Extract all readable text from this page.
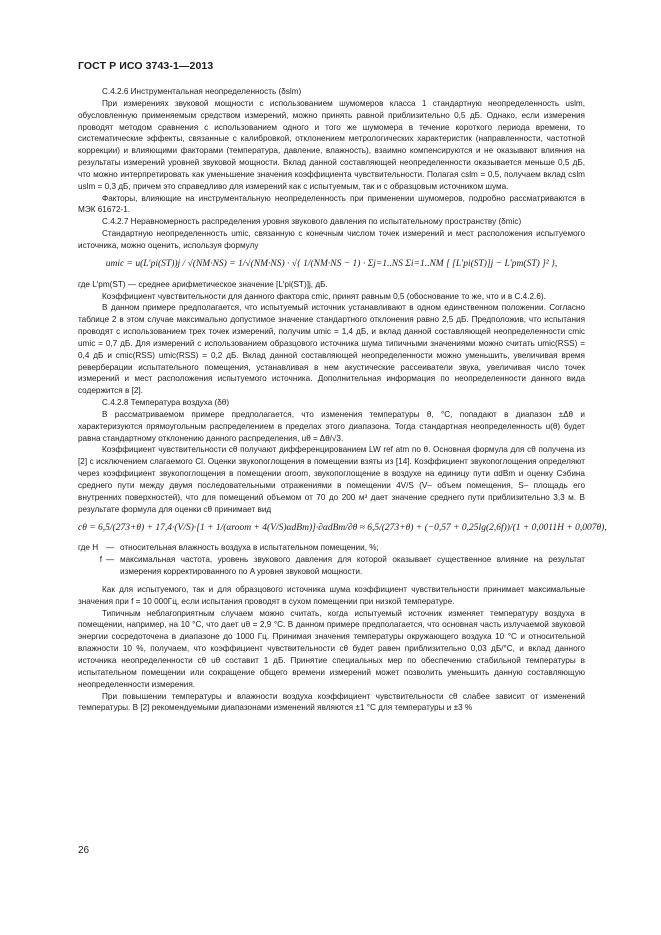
ГОСТ Р ИСО 3743-1—2013

C.4.2.6 Инструментальная неопределенность (δslm)

При измерениях звуковой мощности с использованием шумомеров класса 1 стандартную неопределенность uslm, обусловленную применяемым средством измерений, можно принять равной приблизительно 0,5 дБ. Однако, если измерения проводят методом сравнения с использованием одного и того же шумомера в течение короткого периода времени, то систематические эффекты, связанные с калибровкой, отклонением метрологических характеристик (направленности, частотной коррекции) и влияющими факторами (температура, давление, влажность), взаимно компенсируются и не оказывают влияния на результаты измерений уровней звуковой мощности. Вклад данной составляющей неопределенности оказывается меньше 0,5 дБ, что можно интерпретировать как уменьшение значения коэффициента чувствительности. Полагая cslm = 0,5, получаем вклад cslm uslm = 0,3 дБ, причем это справедливо для измерений как с испытуемым, так и с образцовым источником шума.

Факторы, влияющие на инструментальную неопределенность при применении шумомеров, подробно рассматриваются в МЭК 61672-1.

C.4.2.7 Неравномерность распределения уровня звукового давления по испытательному пространству (δmic)

Стандартную неопределенность umic, связанную с конечным числом точек измерений и мест расположения испытуемого источника, можно оценить, используя формулу

umic = u(L′pi(ST))j / √(NM·NS) = 1/√(NM·NS) · √{ 1/(NM·NS − 1) · Σj=1..NS Σi=1..NM [ [L′pi(ST)]j − L′pm(ST) ]² },

где L′pm(ST) — среднее арифметическое значение [L′pi(ST)]j, дБ.

Коэффициент чувствительности для данного фактора cmic, принят равным 0,5 (обоснование то же, что и в C.4.2.6).

В данном примере предполагается, что испытуемый источник устанавливают в одном единственном положении. Согласно таблице 2 в этом случае максимально допустимое значение стандартного отклонения равно 2,5 дБ. Предположив, что испытания проводят с использованием трех точек измерений, получим umic = 1,4 дБ, и вклад данной составляющей неопределенности cmic umic = 0,7 дБ. Для измерений с использованием образцового источника шума типичными значениями можно считать umic(RSS) = 0,4 дБ и cmic(RSS) umic(RSS) = 0,2 дБ. Вклад данной составляющей неопределенности можно уменьшить, увеличивая время реверберации испытательного помещения, устанавливая в нем акустические рассеиватели звука, увеличивая число точек измерений и мест расположения испытуемого источника. Дополнительная информация по неопределенности данного вида содержится в [2].

C.4.2.8 Температура воздуха (δθ)

В рассматриваемом примере предполагается, что изменения температуры θ, °C, попадают в диапазон ±Δθ и характеризуются прямоугольным распределением в пределах этого диапазона. Тогда стандартная неопределенность u(θ) будет равна стандартному отклонению данного распределения, uθ = Δθ/√3.

Коэффициент чувствительности cθ получают дифференцированием LW ref atm по θ. Основная формула для cθ получена из [2] с исключением слагаемого Cl. Оценки звукопоглощения в помещении взяты из [14]. Коэффициент звукопоглощения определяют через коэффициент звукопоглощения в помещении αroom, звукопоглощение в воздухе на единицу пути αdBm и оценку Сэбина среднего пути между двумя последовательными отражениями в помещении 4V/S (V– объем помещения, S– площадь его внутренних поверхностей), что для помещений объемом от 70 до 200 м³ дает значение среднего пути приблизительно 3,3 м. В результате формула для оценки cθ принимает вид

cθ = 6,5/(273+θ) + 17,4·(V/S)·[1 + 1/(αroom + 4(V/S)αdBm)]·∂αdBm/∂θ ≈ 6,5/(273+θ) + (−0,57 + 0,25lg(2,6f))/(1 + 0,0011H + 0,007θ),
где H — относительная влажность воздуха в испытательном помещении, %;
f — максимальная частота, уровень звукового давления для которой оказывает существенное влияние на результат измерения корректированного по A уровня звуковой мощности.

Как для испытуемого, так и для образцового источника шума коэффициент чувствительности принимает максимальные значения при f = 10 000Гц, если испытания проводят в сухом помещении при низкой температуре.

Типичным неблагоприятным случаем можно считать, когда испытуемый источник изменяет температуру воздуха в помещении, например, на 10 °C, что дает uθ = 2,9 °C. В данном примере предполагается, что основная часть излучаемой звуковой энергии сосредоточена в диапазоне до 1000 Гц. Принимая значения температуры окружающего воздуха 10 °C и относительной влажности 10 %, получаем, что коэффициент чувствительности cθ будет равен приблизительно 0,03 дБ/°C, и вклад данного источника неопределенности cθ uθ составит 1 дБ. Принятие специальных мер по обеспечению стабильной температуры в испытательном помещении или сокращение общего времени измерений может позволить уменьшить данную составляющую неопределенности измерения.

При повышении температуры и влажности воздуха коэффициент чувствительности cθ слабее зависит от изменений температуры. В [2] рекомендуемыми диапазонами изменений являются ±1 °C для температуры и ±3 %

26
